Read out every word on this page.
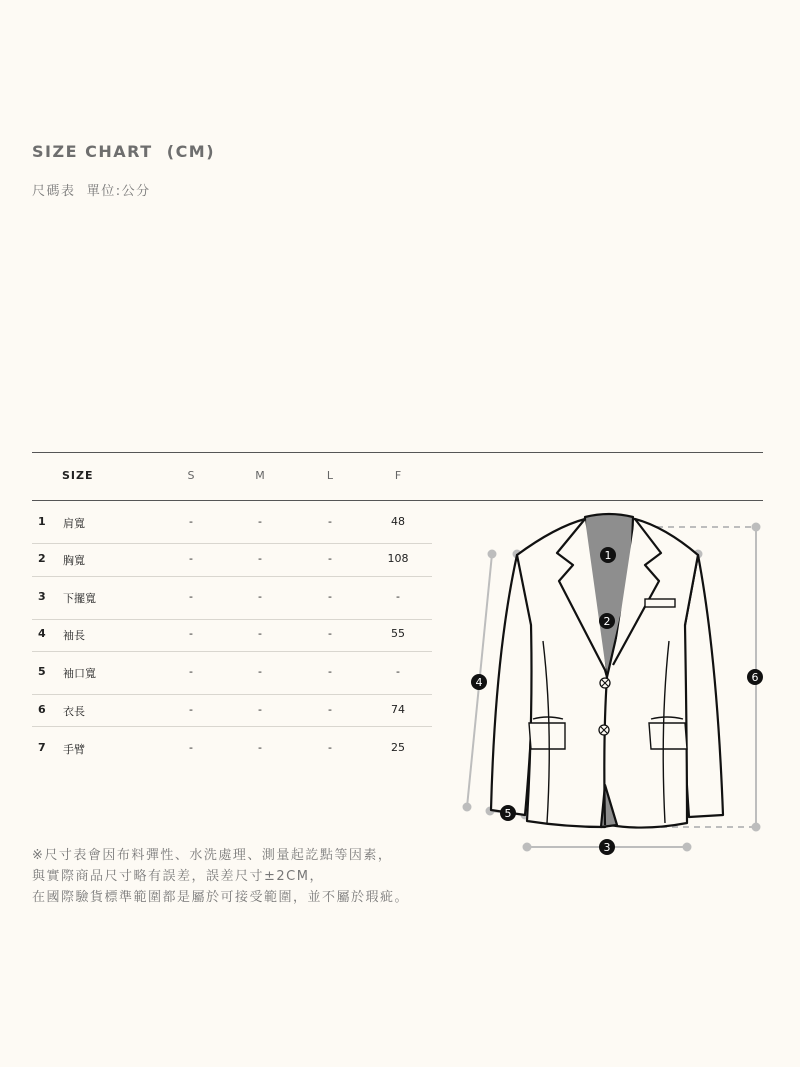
SIZE CHART  (CM)
尺碼表  單位:公分
SIZE	S	M	L	F
1 肩寬	-	-	-	48
2 胸寬	-	-	-	108
3 下擺寬	-	-	-	-
4 袖長	-	-	-	55
5 袖口寬	-	-	-	-
6 衣長	-	-	-	74
7 手臂	-	-	-	25
1
2
3
4
5
6
※尺寸表會因布料彈性、水洗處理、測量起訖點等因素，
與實際商品尺寸略有誤差，誤差尺寸±2CM，
在國際驗貨標準範圍都是屬於可接受範圍，並不屬於瑕疵。
